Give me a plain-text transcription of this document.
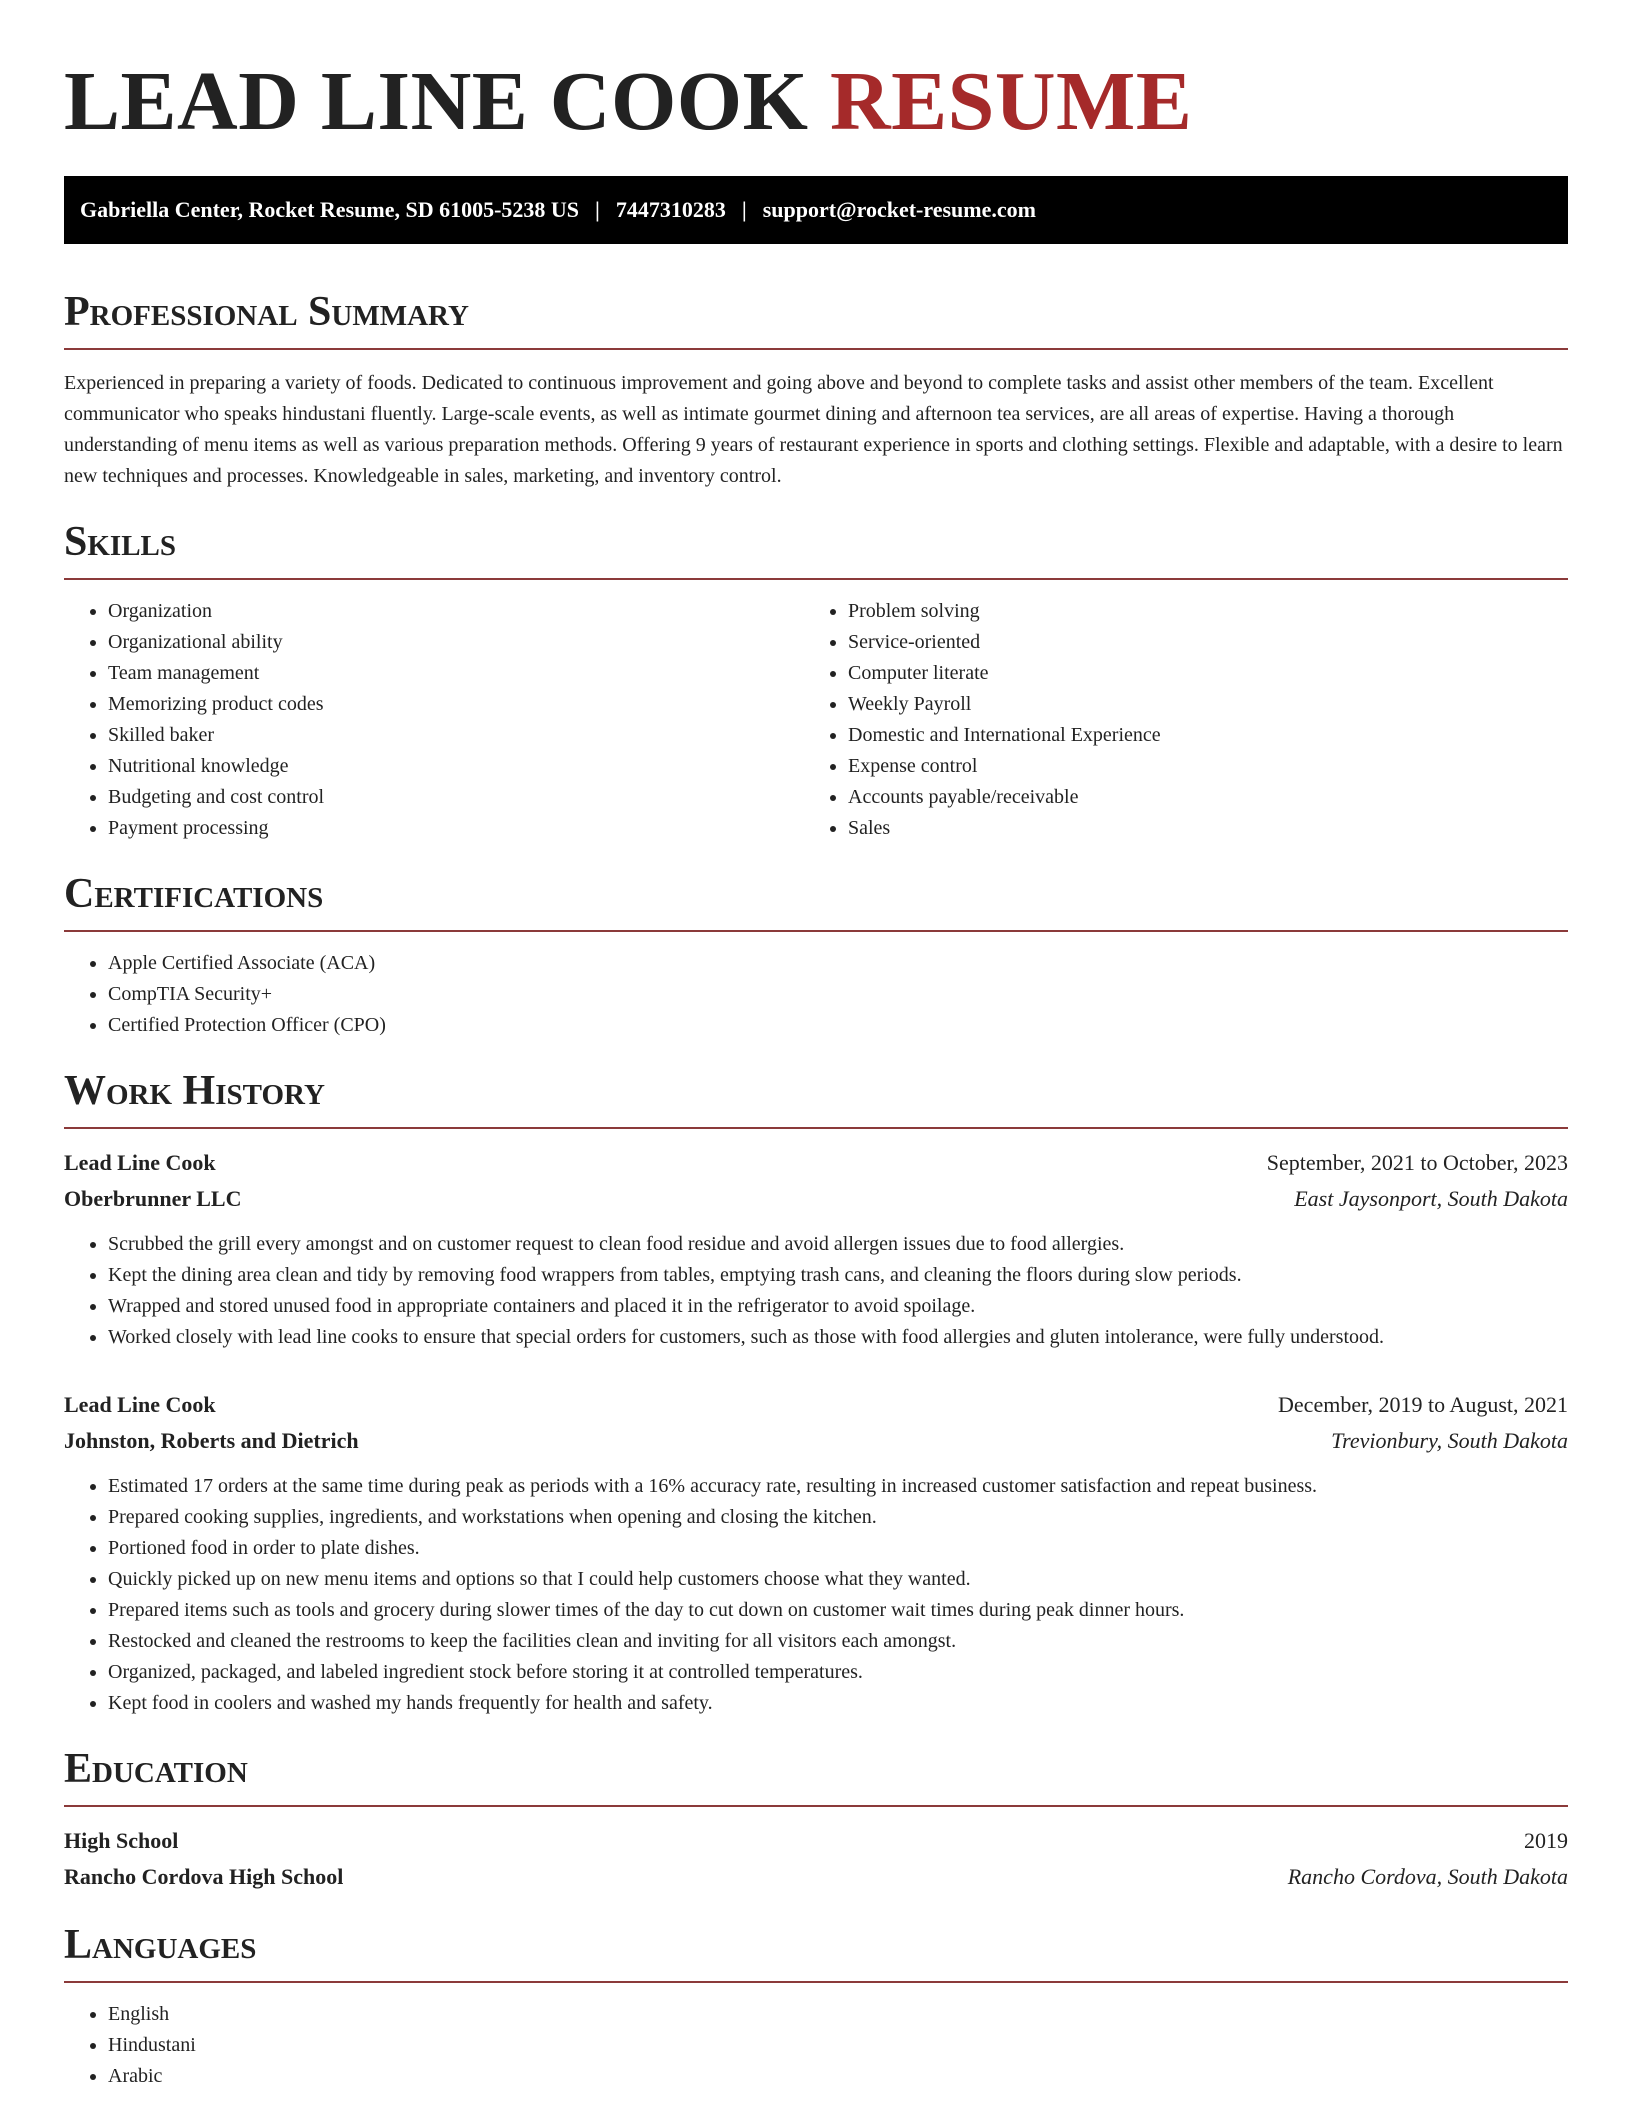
LEAD LINE COOK RESUME
Gabriella Center, Rocket Resume, SD 61005-5238 US | 7447310283 | support@rocket-resume.com
Professional Summary

Experienced in preparing a variety of foods. Dedicated to continuous improvement and going above and beyond to complete tasks and assist other members of the team. Excellent communicator who speaks hindustani fluently. Large-scale events, as well as intimate gourmet dining and afternoon tea services, are all areas of expertise. Having a thorough understanding of menu items as well as various preparation methods. Offering 9 years of restaurant experience in sports and clothing settings. Flexible and adaptable, with a desire to learn new techniques and processes. Knowledgeable in sales, marketing, and inventory control.

Skills
• Organization
• Organizational ability
• Team management
• Memorizing product codes
• Skilled baker
• Nutritional knowledge
• Budgeting and cost control
• Payment processing
• Problem solving
• Service-oriented
• Computer literate
• Weekly Payroll
• Domestic and International Experience
• Expense control
• Accounts payable/receivable
• Sales
Certifications
• Apple Certified Associate (ACA)
• CompTIA Security+
• Certified Protection Officer (CPO)
Work History
Lead Line Cook	September, 2021 to October, 2023
Oberbrunner LLC	East Jaysonport, South Dakota
• Scrubbed the grill every amongst and on customer request to clean food residue and avoid allergen issues due to food allergies.
• Kept the dining area clean and tidy by removing food wrappers from tables, emptying trash cans, and cleaning the floors during slow periods.
• Wrapped and stored unused food in appropriate containers and placed it in the refrigerator to avoid spoilage.
• Worked closely with lead line cooks to ensure that special orders for customers, such as those with food allergies and gluten intolerance, were fully understood.
Lead Line Cook	December, 2019 to August, 2021
Johnston, Roberts and Dietrich	Trevionbury, South Dakota
• Estimated 17 orders at the same time during peak as periods with a 16% accuracy rate, resulting in increased customer satisfaction and repeat business.
• Prepared cooking supplies, ingredients, and workstations when opening and closing the kitchen.
• Portioned food in order to plate dishes.
• Quickly picked up on new menu items and options so that I could help customers choose what they wanted.
• Prepared items such as tools and grocery during slower times of the day to cut down on customer wait times during peak dinner hours.
• Restocked and cleaned the restrooms to keep the facilities clean and inviting for all visitors each amongst.
• Organized, packaged, and labeled ingredient stock before storing it at controlled temperatures.
• Kept food in coolers and washed my hands frequently for health and safety.
Education
High School	2019
Rancho Cordova High School	Rancho Cordova, South Dakota
Languages
• English
• Hindustani
• Arabic
